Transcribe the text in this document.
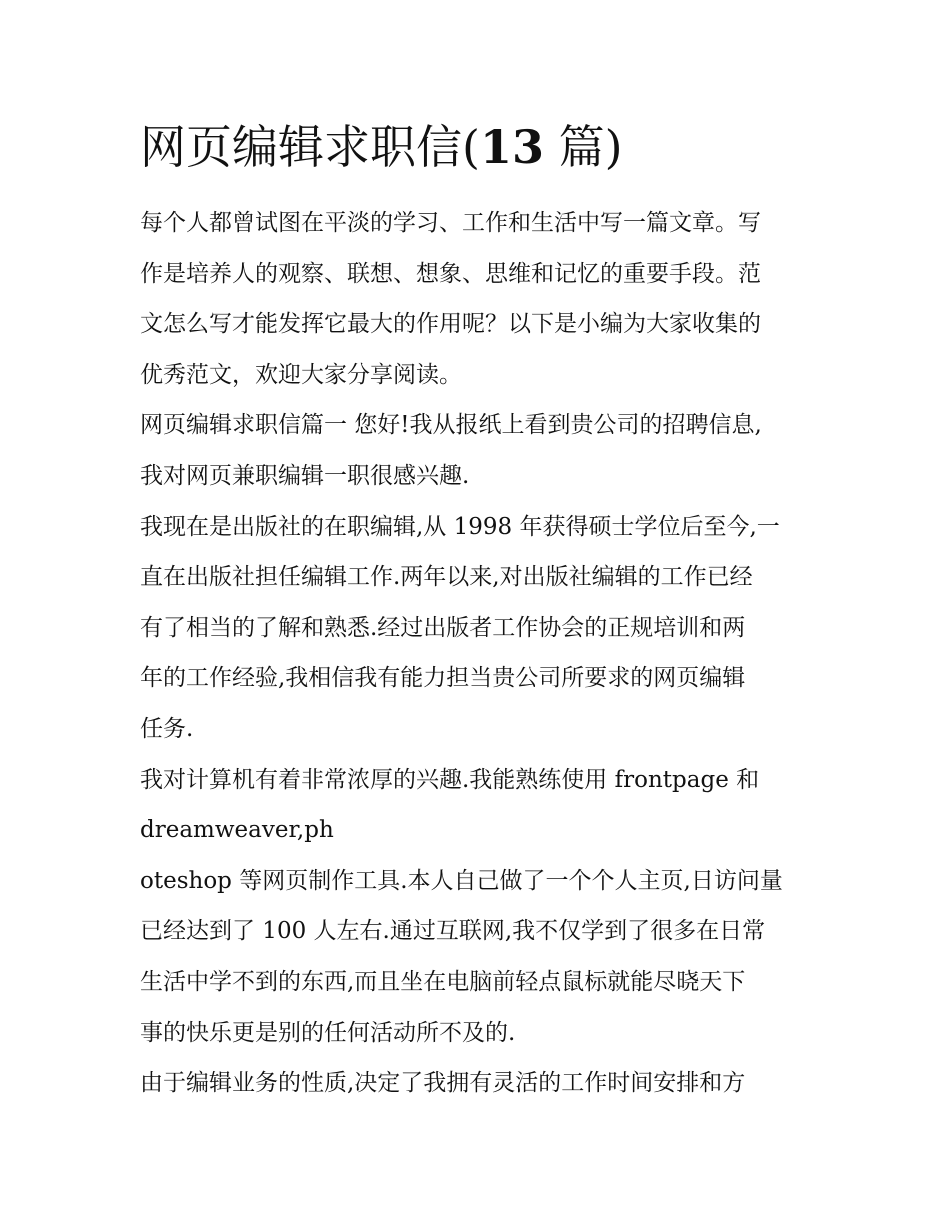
网页编辑求职信(13 篇)

每个人都曾试图在平淡的学习、工作和生活中写一篇文章。写
作是培养人的观察、联想、想象、思维和记忆的重要手段。范
文怎么写才能发挥它最大的作用呢？以下是小编为大家收集的
优秀范文，欢迎大家分享阅读。

网页编辑求职信篇一 您好!我从报纸上看到贵公司的招聘信息,
我对网页兼职编辑一职很感兴趣.

我现在是出版社的在职编辑,从 1998 年获得硕士学位后至今,一
直在出版社担任编辑工作.两年以来,对出版社编辑的工作已经
有了相当的了解和熟悉.经过出版者工作协会的正规培训和两
年的工作经验,我相信我有能力担当贵公司所要求的网页编辑
任务.

我对计算机有着非常浓厚的兴趣.我能熟练使用 frontpage 和
dreamweaver,ph

oteshop 等网页制作工具.本人自己做了一个个人主页,日访问量
已经达到了 100 人左右.通过互联网,我不仅学到了很多在日常
生活中学不到的东西,而且坐在电脑前轻点鼠标就能尽晓天下
事的快乐更是别的任何活动所不及的.

由于编辑业务的性质,决定了我拥有灵活的工作时间安排和方
